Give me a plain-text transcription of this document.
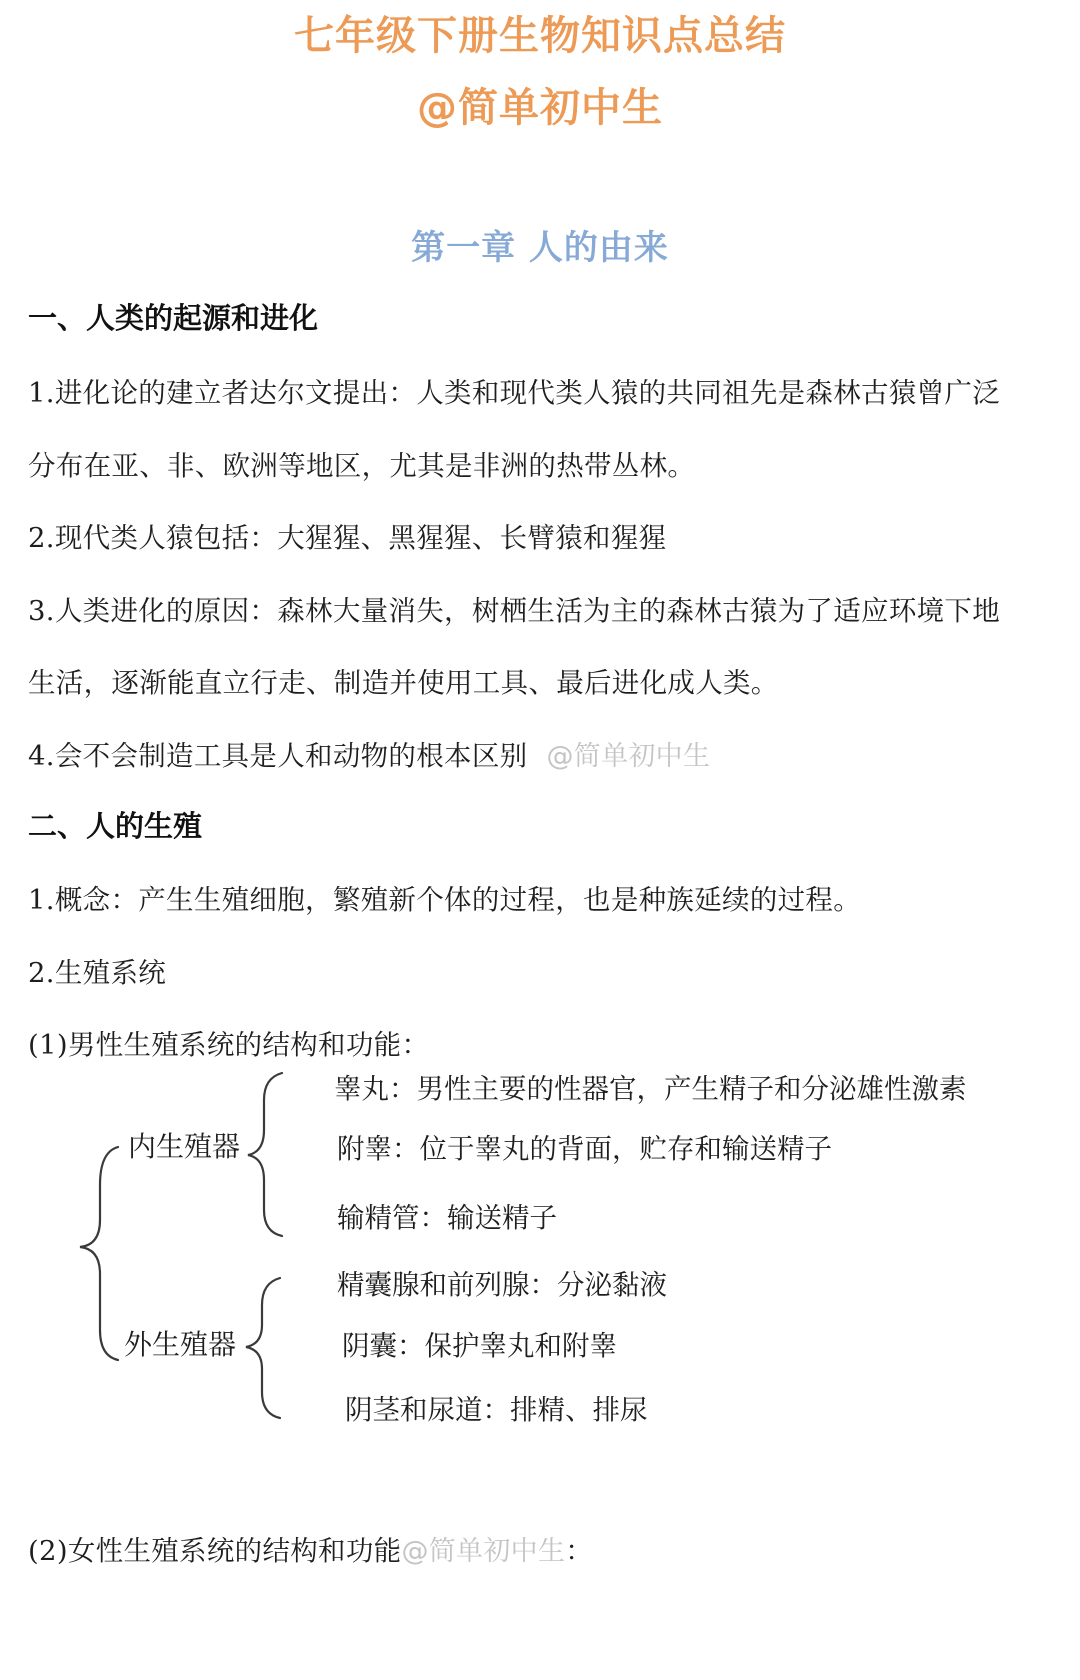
七年级下册生物知识点总结
@简单初中生
第一章 人的由来
一、人类的起源和进化
1.进化论的建立者达尔文提出：人类和现代类人猿的共同祖先是森林古猿曾广泛
分布在亚、非、欧洲等地区，尤其是非洲的热带丛林。
2.现代类人猿包括：大猩猩、黑猩猩、长臂猿和猩猩
3.人类进化的原因：森林大量消失，树栖生活为主的森林古猿为了适应环境下地
生活，逐渐能直立行走、制造并使用工具、最后进化成人类。
4.会不会制造工具是人和动物的根本区别 @简单初中生
二、人的生殖
1.概念：产生生殖细胞，繁殖新个体的过程，也是种族延续的过程。
2.生殖系统
(1)男性生殖系统的结构和功能：
内生殖器
睾丸：男性主要的性器官，产生精子和分泌雄性激素
附睾：位于睾丸的背面，贮存和输送精子
输精管：输送精子
外生殖器
精囊腺和前列腺：分泌黏液
阴囊：保护睾丸和附睾
阴茎和尿道：排精、排尿
(2)女性生殖系统的结构和功能@简单初中生：
